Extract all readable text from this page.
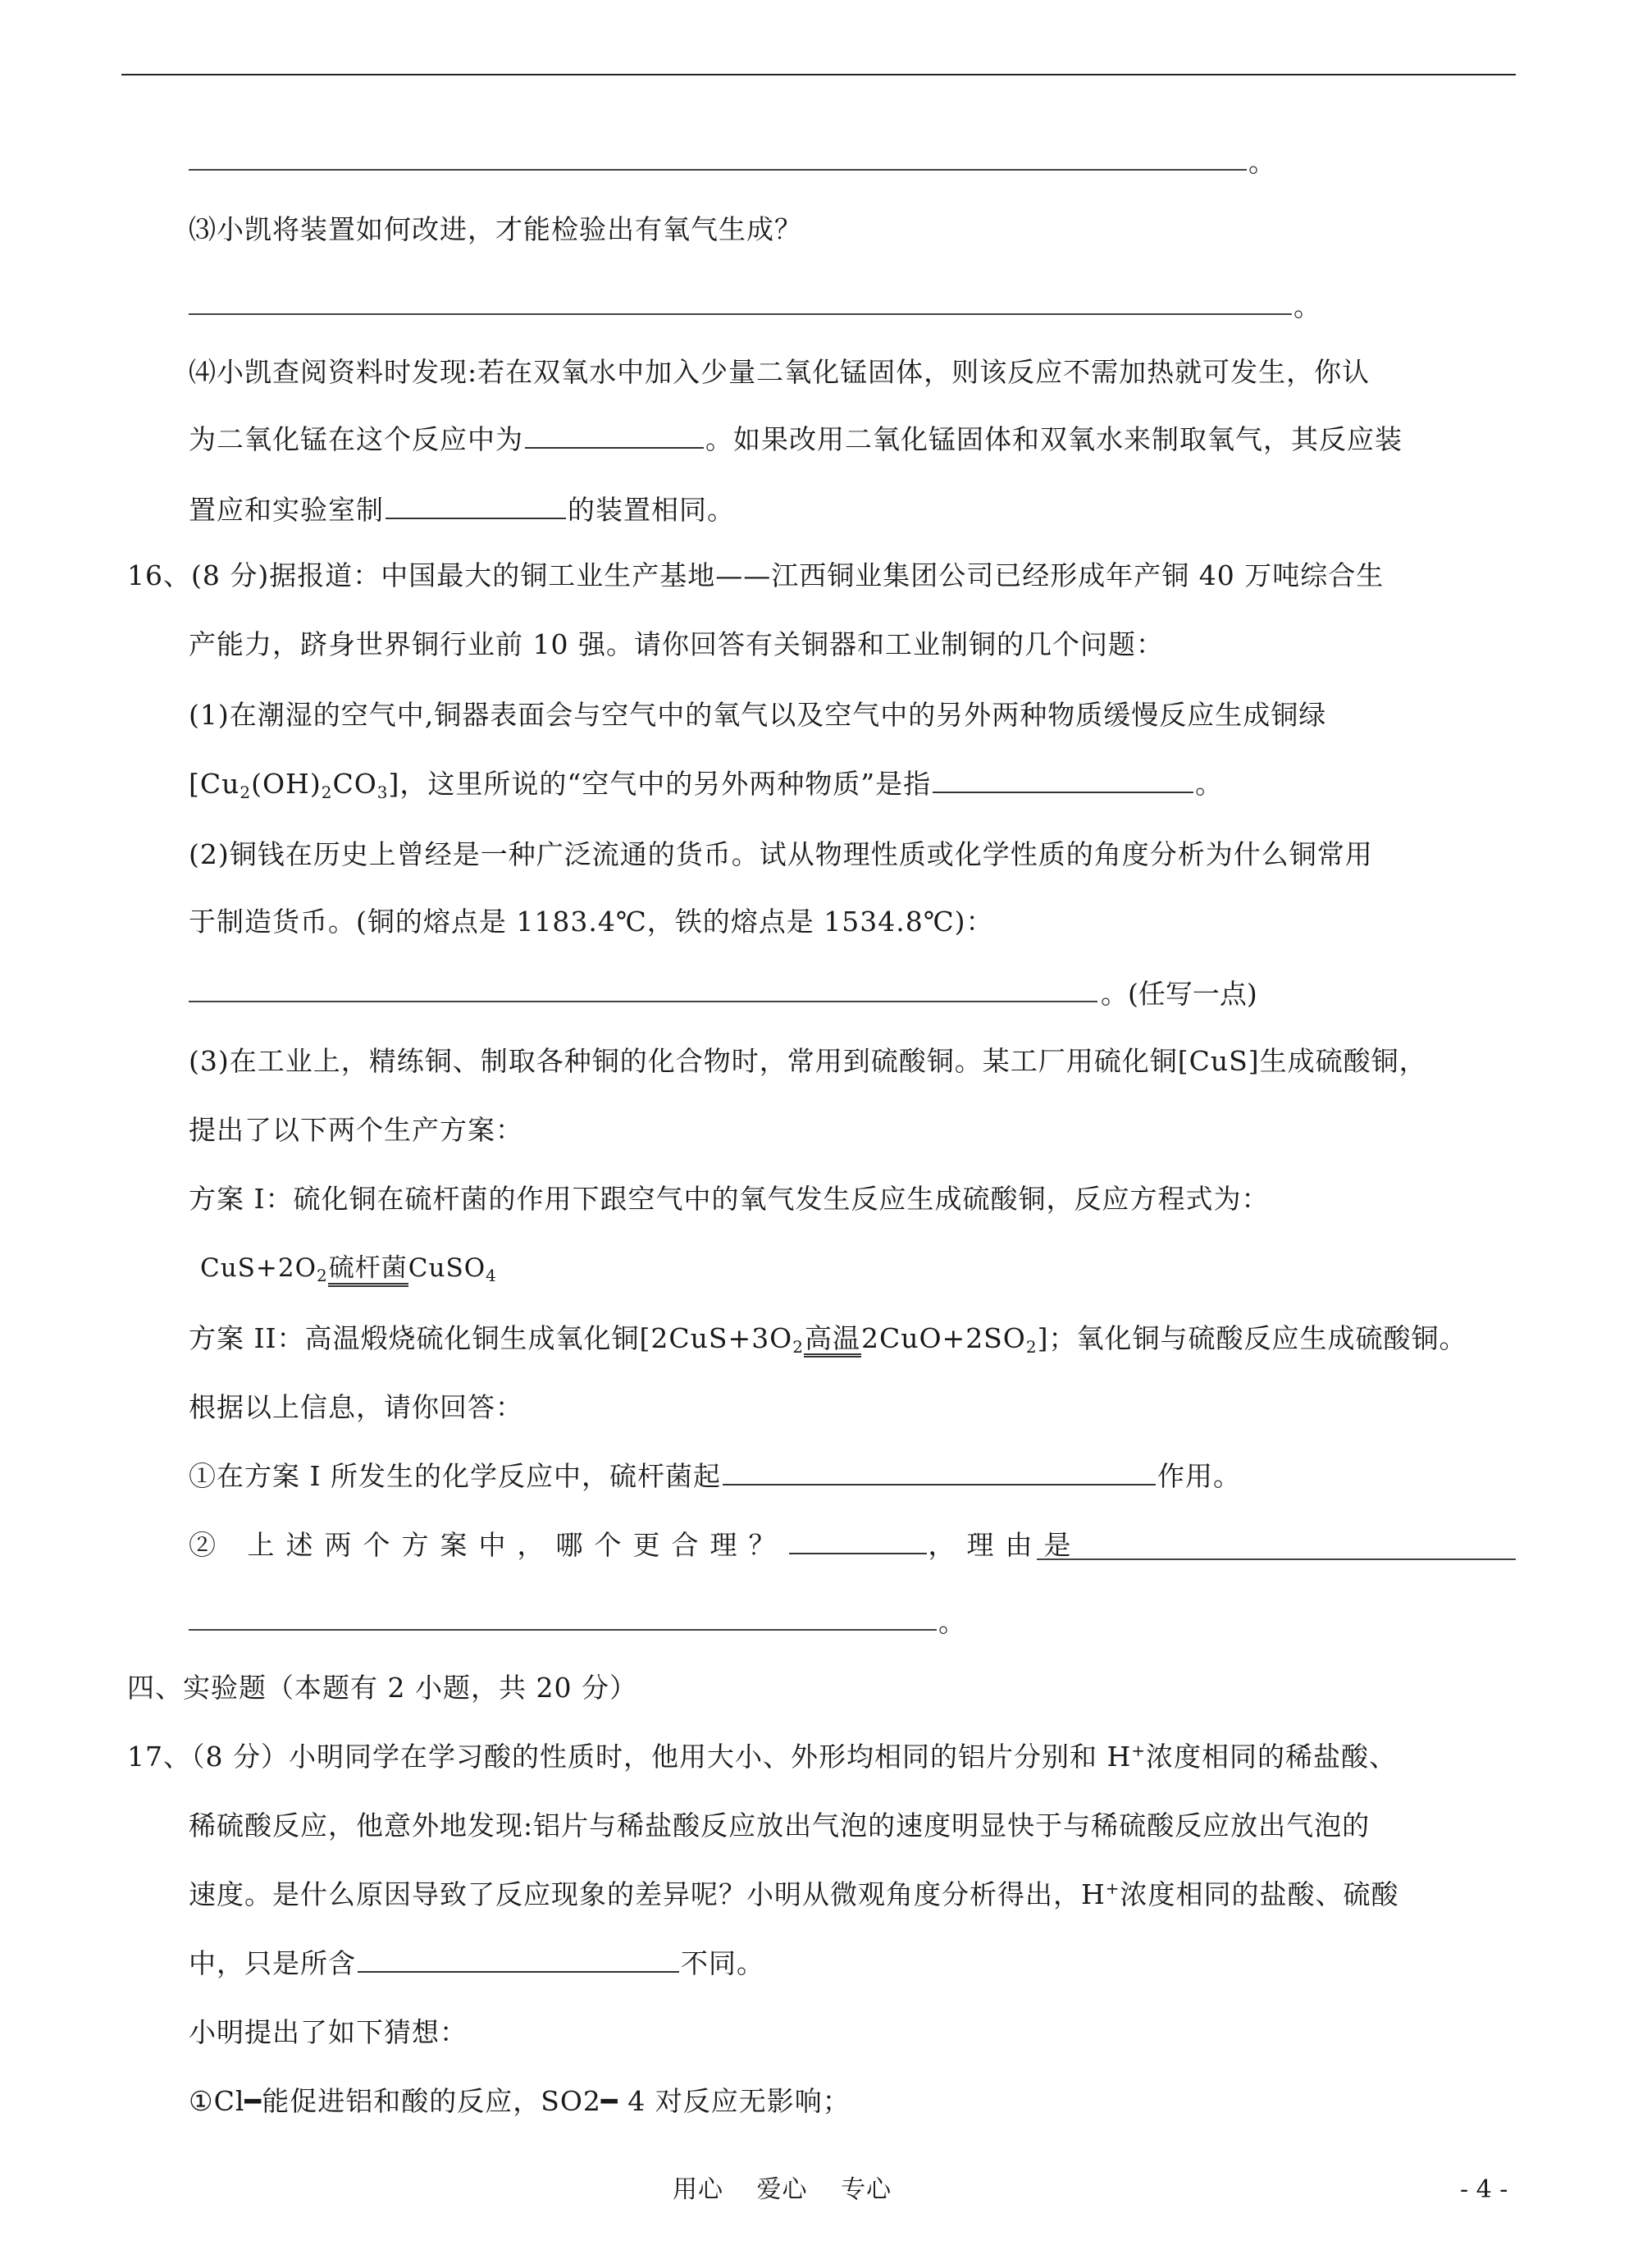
。
⑶小凯将装置如何改进，才能检验出有氧气生成？
。
⑷小凯查阅资料时发现:若在双氧水中加入少量二氧化锰固体，则该反应不需加热就可发生，你认
为二氧化锰在这个反应中为	。如果改用二氧化锰固体和双氧水来制取氧气，其反应装
置应和实验室制	的装置相同。
16、(8 分)据报道：中国最大的铜工业生产基地——江西铜业集团公司已经形成年产铜 40 万吨综合生
产能力，跻身世界铜行业前 10 强。请你回答有关铜器和工业制铜的几个问题：
(1)在潮湿的空气中,铜器表面会与空气中的氧气以及空气中的另外两种物质缓慢反应生成铜绿
$[Cu_2(OH)_2CO_3]$，这里所说的“空气中的另外两种物质”是指	。
(2)铜钱在历史上曾经是一种广泛流通的货币。试从物理性质或化学性质的角度分析为什么铜常用
于制造货币。(铜的熔点是 1183.4℃，铁的熔点是 1534.8℃)：
。(任写一点)
(3)在工业上，精练铜、制取各种铜的化合物时，常用到硫酸铜。某工厂用硫化铜[CuS]生成硫酸铜，
提出了以下两个生产方案：
方案 I：硫化铜在硫杆菌的作用下跟空气中的氧气发生反应生成硫酸铜，反应方程式为：
$CuS+2O_2$硫杆菌CuSO$_4$
方案 II：高温煅烧硫化铜生成氧化铜[$2CuS+3O_2$高温$2CuO+2SO_2$]；氧化铜与硫酸反应生成硫酸铜。
根据以上信息，请你回答：
①在方案 I 所发生的化学反应中，硫杆菌起	作用。
② 上述两个方案中，哪个更合理？	，理由是
。
四、实验题（本题有 2 小题，共 20 分）
17、（8 分）小明同学在学习酸的性质时，他用大小、外形均相同的铝片分别和 H+浓度相同的稀盐酸、
稀硫酸反应，他意外地发现:铝片与稀盐酸反应放出气泡的速度明显快于与稀硫酸反应放出气泡的
速度。是什么原因导致了反应现象的差异呢？小明从微观角度分析得出，H+浓度相同的盐酸、硫酸
中，只是所含	不同。
小明提出了如下猜想：
①Cl━能促进铝和酸的反应，SO2━ 4 对反应无影响；
用心 爱心 专心	- 4 -
